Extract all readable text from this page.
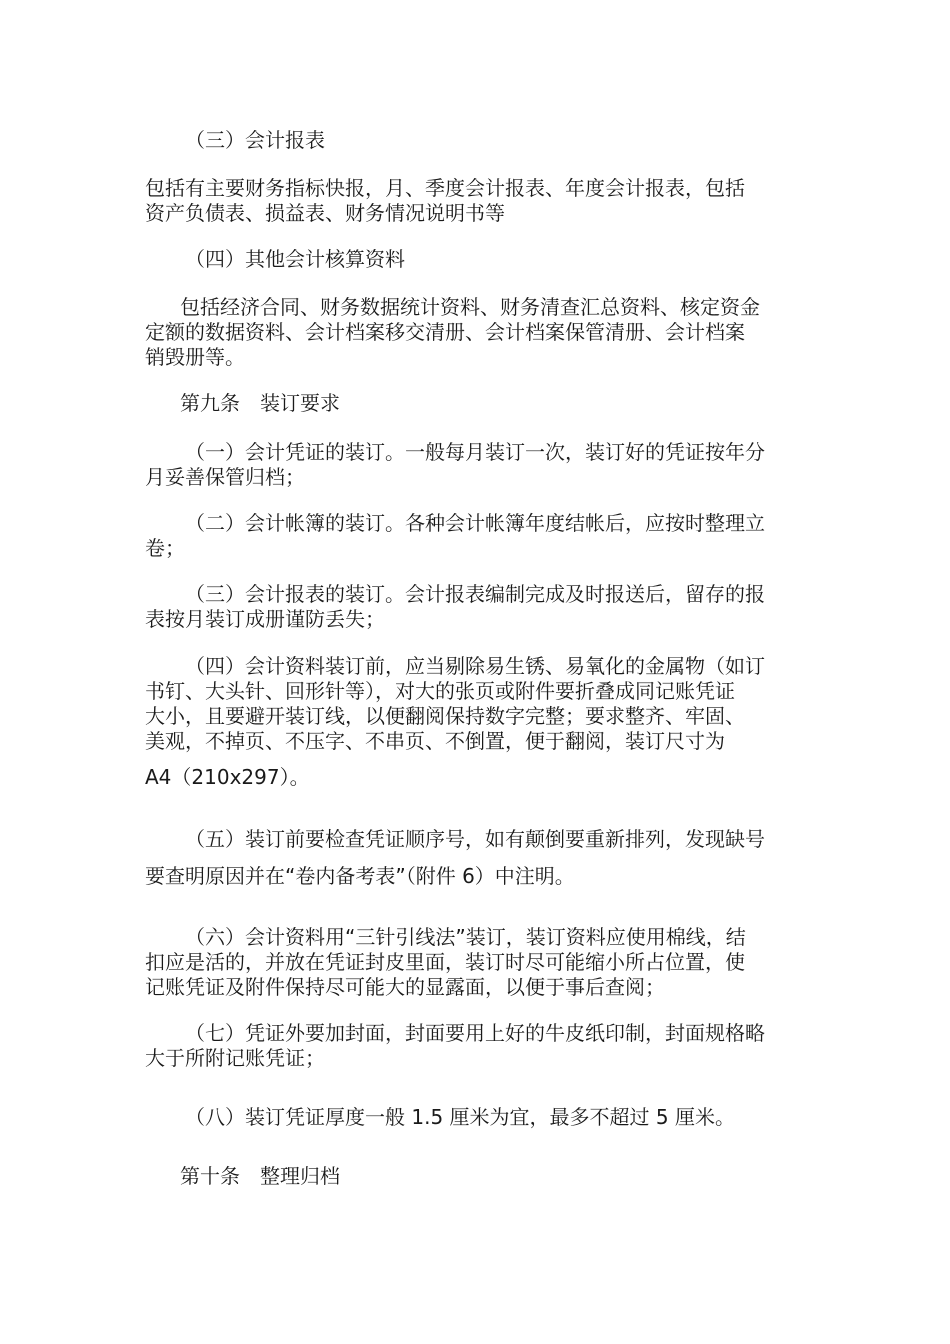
（三）会计报表

包括有主要财务指标快报，月、季度会计报表、年度会计报表，包括
资产负债表、损益表、财务情况说明书等

（四）其他会计核算资料

包括经济合同、财务数据统计资料、财务清查汇总资料、核定资金
定额的数据资料、会计档案移交清册、会计档案保管清册、会计档案
销毁册等。

第九条　装订要求

（一）会计凭证的装订。一般每月装订一次，装订好的凭证按年分
月妥善保管归档；

（二）会计帐簿的装订。各种会计帐簿年度结帐后，应按时整理立
卷；

（三）会计报表的装订。会计报表编制完成及时报送后，留存的报
表按月装订成册谨防丢失；

（四）会计资料装订前，应当剔除易生锈、易氧化的金属物（如订
书钉、大头针、回形针等），对大的张页或附件要折叠成同记账凭证
大小，且要避开装订线，以便翻阅保持数字完整；要求整齐、牢固、
美观，不掉页、不压字、不串页、不倒置，便于翻阅，装订尺寸为

A4（210x297）。

（五）装订前要检查凭证顺序号，如有颠倒要重新排列，发现缺号

要查明原因并在“卷内备考表”（附件 6）中注明。

（六）会计资料用“三针引线法”装订，装订资料应使用棉线，结
扣应是活的，并放在凭证封皮里面，装订时尽可能缩小所占位置，使
记账凭证及附件保持尽可能大的显露面，以便于事后查阅；

（七）凭证外要加封面，封面要用上好的牛皮纸印制，封面规格略
大于所附记账凭证；

（八）装订凭证厚度一般 1.5 厘米为宜，最多不超过 5 厘米。

第十条　整理归档
